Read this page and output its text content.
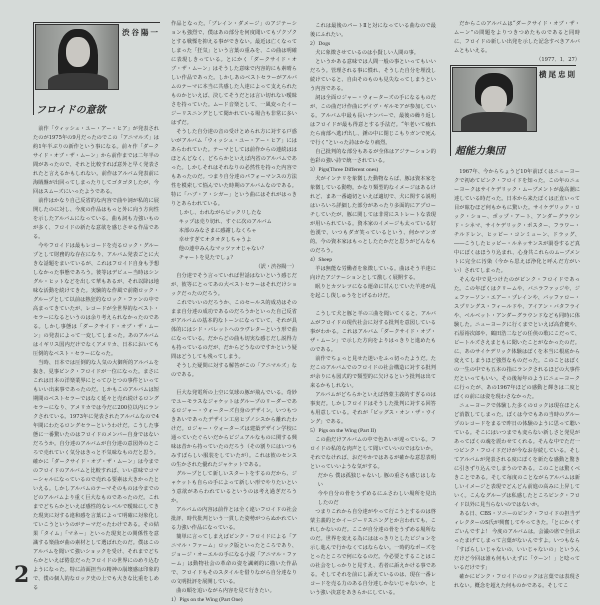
渋谷陽一
フロイドの意欲

前作「ウィッシュ・ユー・アー・ヒア」が発表されたのが1975年の9月だったのでこの「アニマルズ」は約1年半ぶりの新作という事になる。前々作「ダークサイド・オブ・ザ・ムーン」から前作までは二年半の間があったので、それと比較すれば意外と早く発表されたと言えるかもしれない。前作はアルバム発表前に海賊盤が出回ってしまったりしてゴタゴタしたが、今回はスムーズにいったようである。

前作はかなり自己反省的な内容で曲や詞が私的に展開したのに対し、今度の作品はもっと外に向う方向性を示したアルバムになっている。曲も詞も力強いものが多く、フロイドの新たな意欲を感じさせる作品である。

今やフロイドは最もレコードを売るロック・グループとして財務的な存在になり、アルバム発表ごとに大きな話題をまいているが、これはフロイド自身も予想しなかった事態であろう。彼等はデビュー当時はシングル・ヒットなどを出して華もあるが、それ以降は地味な活動を続けてきた。実験的な作風で前衛ロック・グループとして以前は熱狂的なロック・ファンの中で高まってきていたが、レコードが全世界的なベスト・セラーになるというのは余り考えられなかったのである。しかし事態は「ダークサイド・オブ・ザ・ムーン」の発表によって一変してしまった。あのアルバムはイギリス国内だけでなくアメリカ、日本においても圧倒的なベスト・セラーになった。

当時、日本では圧倒的な人気の大御所的アルバムを抜き、見事ピンク・フロイドが一位になった。まさにこれは日本の洋楽業界にとってひとつの事件といってもいい出来事であったのだ。しかもこのアルバムは短期間のベストセラーではなく延々と売れ続けるロングセラーになり、アメリカでは今だに200位以内にランクされている。1973年に発表されたアルバムなので4年間にわたるロングセラーというわけだ。こうした事態に一番驚いたのはフロイドのメンバー自身ではないだろうか。自分達のアルバムが自分達の意図外のところで売れていく気分はきっと不気味なものだと思う。確かに「ダークサイド・オブ・ザ・ムーン」は今までのフロイドのアルバムと比較すれば、いい意味でコマーシャルになっているので売れる要素は大きかったといえる。しかしアルバムのテーマそのものは今までのどのアルバムより重く巨大なものであったのだ。これまでどちらかといえば感性的なレベルで曖昧にしてきた現実に対する違和感を言葉によって明確に対象化していこうというのがテーマだったわけである。その結果「タイム」「マネー」といった現実との関係性を意識する楽曲が曲の素材として選ばれたのだ。僕はこのアルバムを聞いて強いショックを受け、それまでどちらかといえば倦怠だったフロイドの世界にのめり込むようになった。特に詩面担当の精神の崩壊感は印象的で、僕の個人的なロック史の上でも大きな比重をしめる

作品となった。「ブレイン・ダメージ」のアジテーションも強烈で、僕はあの部分を何度聞いてもゾクゾクとする戦慄を抑える事ができない。最近は亡くなってしまった「狂気」という言葉の重みを、この曲は明確に表現しきっている。とにかく「ダークサイド・オブ・ザ・ムーン」はそうした意味で内容的にも素晴らしい作品であった。しかしあのベストセラーがアルバムのテーマに本当に共感した人達によって支えられたものかといえば、決してそうだとは言い切れない曖昧さを持っていた。ムード音楽として、一風変ったイージーリスニングとして聞かれている場合も非常に多いはずだ。

そうした自分達の音の受けとめられ方に対する戸惑いがアルバム「ウィッシュ・ユー・アー・ヒア」にはあらわれていた。テーマとしては前作からの連続ははほとんどなく、どちらかといえば内省のアルバムであった。しかしそれはそれなりの必然性を持った内容でもあったのだ。つまり自分達のパフォーマンスの方法性を模索して悩んでいた時期のアルバムなのである。特に「ハブ・ア・シガー」という曲にはそれがはっきりとあらわれている。

しかし、われながらビックリしたな

キップは売り切れ、すぐに次のアルバム

本部のみなさまに感謝しなくちゃ

幸せすぎてオタオタしちゃうよ

他の連中みんなマッツァオじゃない？

チャートを見たでしょ？

（訳・渋谷陽一）

自分達でそう言っていれば世話はないという感じだが、彼等にとってあの大ベストセラーはそれだけショックだったのだろう。

これでいいのだろうか、このセールス的成功はそのまま自分達の成功であるのだろうかといった自己反省がアルバムの基本的なトーンになっていて、それが具体的にはシド・バレットへのラヴレターという形で曲になっている。だからどの曲も切実な感じだし説得力も持っているのだが、だからどうなのですかという疑問はどうしても残ってしまう。

そうした疑問に対する解答がこの「アニマルズ」なのである。

巨大な発電所の上空に気球の豚が飛んでいる。奇妙でユーモラスなジャケットはグループのリーダーであるロジャー・ウォーターズ自身のデザイン。いつもつきあいであったデザイン工房ヒプノシスから離れたわけだ。ロジャー・ウォーターズは建築デザイン学校に通っていたぐらいだからビジュアルなものに関する興味は昔から持っていたのだろう（その割りにはいつもみすぼらしい服装をしていたが）。これは彼のセンスの生かされた優れたジャケットである。

グループとして新しいスタートをするのだから、ジャケットも自らの手によって新しい形でやりたいという意欲があらわれているというのは考え過ぎだろうか。

アルバムの内容は前作とは全く違いフロイドの社会批評、時代批判という一貫した姿勢がつらぬかれている力強い作品になっている。

簡単に言ってしまえばピンク・フロイドによる「アニマル・ファーム」ロック版といったところであり、ジョージ・オーエルの手になる小説「アニマル・ファーム」は動物社会の革命の姿を諷刺的に描いた作品で、フロイドもそのスタイルを借りながら自分達なりの文明批評を展開している。

曲の順を追いながら内容を見て行きたい。

1）Pigs on the Wing (Part One)

これは最後のパートⅡと対になっている曲なので最後にふれたい。

2）Dogs

犬に象徴させているのは小賢しい人間の事。

というかある意味では人間一般の事といってもいいだろう。管理される事に慣れ、そうした自分を埋没し続けていると、自由そのものも見失なってしまうという内容である。

詞は全面ロジャー・ウォーターズの手になるものだが、この曲だけ作曲にデイヴ・ギルモアが参加している。アルバム中最も長いナンバーで、最後の繰り返しはフロイドが最も得意とする手法だ。“年老いて疲れたら南部へ逃げ出し、錘の中に閉じこもりガンで死んで行く”といった詩はかなり痛烈。

自己批判的な部分もあるが全体はアジテーション的色彩の強い詩で統一されている。

3）Pigs(Three Different ones)

犬がインテリを象徴した動物ならば、豚は資本家を象徴している動物。かなり類型的なイメージはあるけれど、まあ一番適切といえば適切で、犬に関する説明はいろいろ詳細した部分があったり多面的にアプローチしていたが、豚に関しては非常にストレートな表現が用いられている。資本家のイメージも太っている好色漢で、いつもダガ笑っているという、何かマンガ的。今の資本家はもっとしたたかだと思うがどんなものだろう。

4）Sheep

羊は無能な労働者を象徴している。曲はそう羊達に向けたアジテーションとして激しく展開する。

眠りとカツレツになる運命に甘んじていた羊達が乱を起こし復しゅうをとげるわけだ。

こうして犬と豚と羊の三曲を聞いてくると、アルバムがフロイドの現代社会に対する批判を意図している事がわかる。これはアルバム「ダークサイド・オブ・ザ・ムーン」で示した方向をよりはっきりと進めたものである。

前作でちょっと見せた迷いをふっ切ったようだ。ただこのアルバムでのフロイドの社会構造に対する批判が余りにも図式的で類型的に欠けるという批判は出て来るかもしれない。

アルバムがどちらかといえば啓蒙主義的すぎるのは事実だ。しかしフロイドはそうした批判に対する回答も用意している。それが「ピッグス・オン・ザ・ウイング」である。

5）Pigs on the Wing (Part II)

この曲だけアルバムの中で色あいが違っている。フロイドの私的な肉声として聞いていいのではないか。それでなければ、おだやかではあるが確かな意思表明といっていいような気がする。

だから 僕は孤独じゃないし 豚の重さも感じはしない

今や自分の骨をうずめるにふさわしい場所を見出したのだ

つまりこれから自分達がやって行こうとするのは啓蒙主義的とかイージーリスニングとか言われても、これしかないのだ。ここが自分達の骨をうずめる場所なのだ。世界を変える為にははっきりとしたビジョンを示し進んで行かなくてはならない。一時的なポーズをとったところで何になるのだ。今必要とすることはこの社会をしっかりと見すえ、若者に訴えかける事である。そしてそれを前にし訴えているのは、現在一番レコードを売る力のある自分達しかないじゃないか、という強い決意をあきらかにしている。

だからこのアルバムは“ダークサイド・オブ・ザ・ムーン”の問題をよりつきつめたものであると同時に、フロイドの新しい出発を示した記念すべきアルバムともいえる。

（1977．1．27）

横尾忠則
超能力集団

1967年、今からちょうど10年前ぼくはニューヨークで初めてピンク・フロイドを知った。この年のニューヨークはサイケデリック・ムーブメントが最高潮に達している時だった。日本から来たぼくは正直いって目が眩むほど何もかもに驚いた。サイケデリック・ロック・ショー、ポップ・アート、アンダーグラウンド・シネマ、サイケデリック・ポスター、フラワー・チルドレン、ヒッピー・コンミューン、ドラッグ、――こうしたヒッピー・ルネッサンスが渦巻するど真中にぼくはほうり込まれ、心身共これらのムーブメントに完全に汚染（今から思えば浄化と呼んだ方がいい）されてしまった。

そんな中で見つけたのがピンク・フロイドであった。この年ぼくはクリームや、バニラファッジや、ジェファーソン・エアー・プレインや、バッファロー・スプリングス・フィールドや、アイアン・バタフライや、ベルベット・アンダーグラウンドなども同時に体験した。ニューヨークに行くまでといえば高倉健や、石原裕次郎や、鶴田浩二などの任侠の歌にこだって、ビートルズさえまともに聞いたことがなかったのだ。に、あのサイケデリック体験はぼくを本当に根底から変えてしまうほど強烈なものだった。このことはぼくの一生の中でも五本の指にランクされるほどの大事件だといってもいい。その後毎年のようにニューヨークに行ったが、あの1967年ほどの感動と輝きは二度とぼくの前には姿を現わさなかった。

ニューヨークで体験した多くのロックは現在ほとんど消散してしまった。ぼくは今でもあの当時のグループのレコードをまるで昨日の体験のように思って聴いている。そこにはいつまでも変らない新しさと発見があってぼくの魂を震わせてくれる。そんな中でただ一つピンク・フロイドだけが今なお存続している。そしてアルバムが発表される度にぼくを新たな感動と驚きに引きずり込んでしまうのである。このことは驚くべきことである。そして毎度のことながらアルバムは新しいイメージと表現でどんどん前進の高みに上昇していく。こんなグループは私感したところピンク・フロイド以外に見当らないのではないか。

ある日、CBS・ソニーのピンク・フロイドの担当ディレクターのS氏が興奮してやってきた。「とにかくすごいんですよ！ 今度のアルバムは。会議の席で全員ぶったまげてしまって言葉がないんですよ。いつもなら「すばらしいじゃないの、いいじゃないの」というんだけど今回は誰も何もいえずに「ウーン！」と唸っているだけです」

確かにピンク・フロイドのロックは言葉では表現されない。概念を超えた何ものかである。そしてこ

2
